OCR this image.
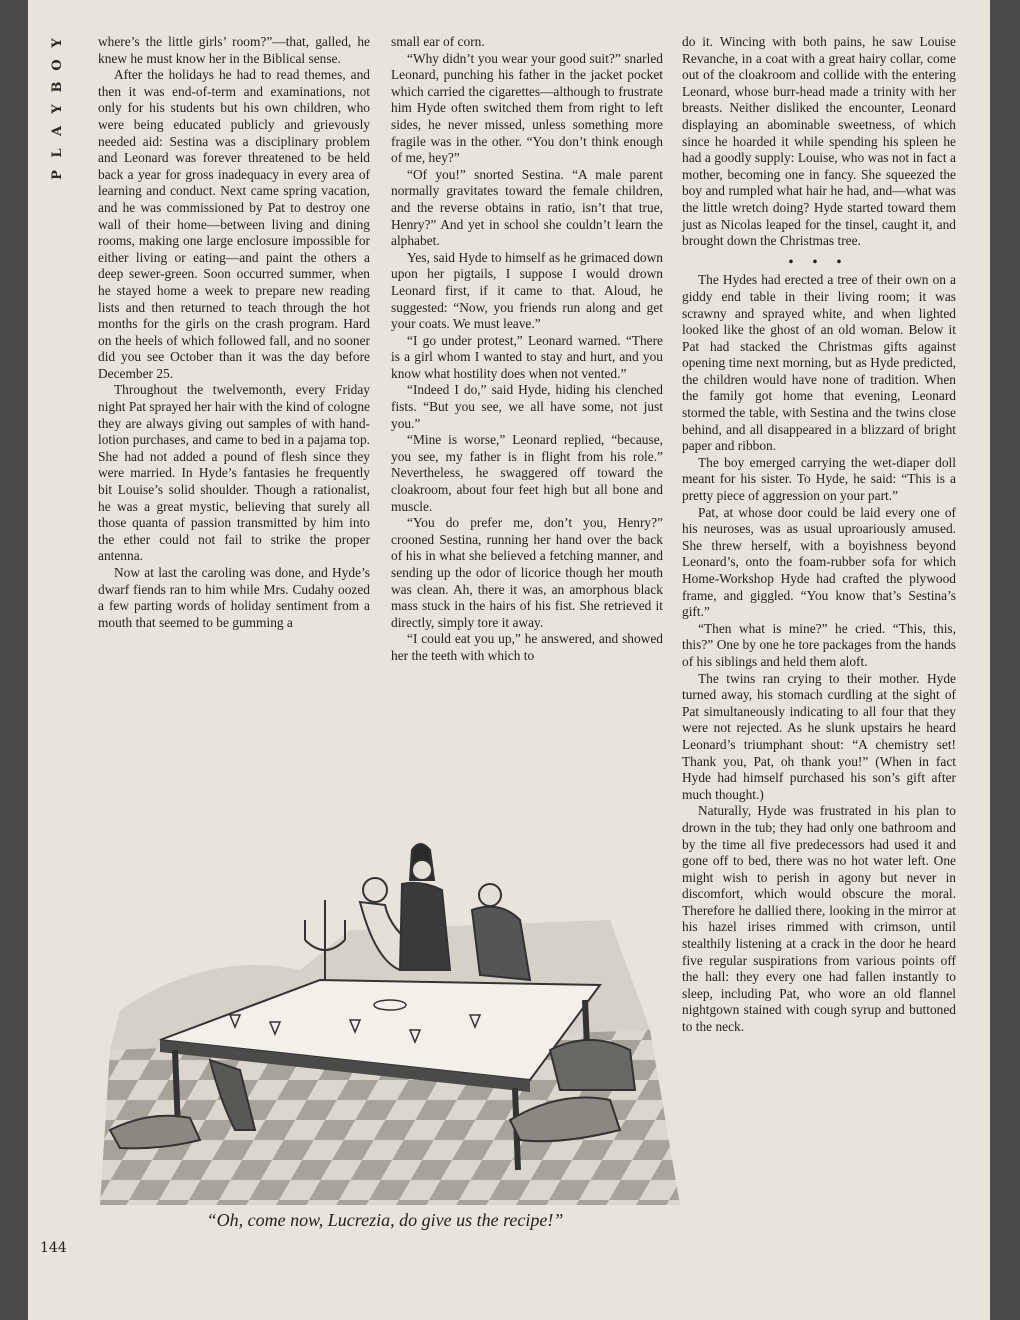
Y
O
B
Y
A
L
P

where’s the little girls’ room?”—that, galled, he knew he must know her in the Biblical sense.

After the holidays he had to read themes, and then it was end-of-term and examinations, not only for his students but his own children, who were being educated publicly and grievously needed aid: Sestina was a disciplinary problem and Leonard was forever threatened to be held back a year for gross inadequacy in every area of learning and conduct. Next came spring vacation, and he was commissioned by Pat to destroy one wall of their home—between living and dining rooms, making one large enclosure impossible for either living or eating—and paint the others a deep sewer-green. Soon occurred summer, when he stayed home a week to prepare new reading lists and then returned to teach through the hot months for the girls on the crash program. Hard on the heels of which followed fall, and no sooner did you see October than it was the day before December 25.

Throughout the twelvemonth, every Friday night Pat sprayed her hair with the kind of cologne they are always giving out samples of with hand-lotion purchases, and came to bed in a pajama top. She had not added a pound of flesh since they were married. In Hyde’s fantasies he frequently bit Louise’s solid shoulder. Though a rationalist, he was a great mystic, believing that surely all those quanta of passion transmitted by him into the ether could not fail to strike the proper antenna.

Now at last the caroling was done, and Hyde’s dwarf fiends ran to him while Mrs. Cudahy oozed a few parting words of holiday sentiment from a mouth that seemed to be gumming a

small ear of corn.

“Why didn’t you wear your good suit?” snarled Leonard, punching his father in the jacket pocket which carried the cigarettes—although to frustrate him Hyde often switched them from right to left sides, he never missed, unless something more fragile was in the other. “You don’t think enough of me, hey?”

“Of you!” snorted Sestina. “A male parent normally gravitates toward the female children, and the reverse obtains in ratio, isn’t that true, Henry?” And yet in school she couldn’t learn the alphabet.

Yes, said Hyde to himself as he grimaced down upon her pigtails, I suppose I would drown Leonard first, if it came to that. Aloud, he suggested: “Now, you friends run along and get your coats. We must leave.”

“I go under protest,” Leonard warned. “There is a girl whom I wanted to stay and hurt, and you know what hostility does when not vented.”

“Indeed I do,” said Hyde, hiding his clenched fists. “But you see, we all have some, not just you.”

“Mine is worse,” Leonard replied, “because, you see, my father is in flight from his role.” Nevertheless, he swaggered off toward the cloakroom, about four feet high but all bone and muscle.

“You do prefer me, don’t you, Henry?” crooned Sestina, running her hand over the back of his in what she believed a fetching manner, and sending up the odor of licorice though her mouth was clean. Ah, there it was, an amorphous black mass stuck in the hairs of his fist. She retrieved it directly, simply tore it away.

“I could eat you up,” he answered, and showed her the teeth with which to

do it. Wincing with both pains, he saw Louise Revanche, in a coat with a great hairy collar, come out of the cloakroom and collide with the entering Leonard, whose burr-head made a trinity with her breasts. Neither disliked the encounter, Leonard displaying an abominable sweetness, of which since he hoarded it while spending his spleen he had a goodly supply: Louise, who was not in fact a mother, becoming one in fancy. She squeezed the boy and rumpled what hair he had, and—what was the little wretch doing? Hyde started toward them just as Nicolas leaped for the tinsel, caught it, and brought down the Christmas tree.

• • •

The Hydes had erected a tree of their own on a giddy end table in their living room; it was scrawny and sprayed white, and when lighted looked like the ghost of an old woman. Below it Pat had stacked the Christmas gifts against opening time next morning, but as Hyde predicted, the children would have none of tradition. When the family got home that evening, Leonard stormed the table, with Sestina and the twins close behind, and all disappeared in a blizzard of bright paper and ribbon.

The boy emerged carrying the wet-diaper doll meant for his sister. To Hyde, he said: “This is a pretty piece of aggression on your part.”

Pat, at whose door could be laid every one of his neuroses, was as usual uproariously amused. She threw herself, with a boyishness beyond Leonard’s, onto the foam-rubber sofa for which Home-Workshop Hyde had crafted the plywood frame, and giggled. “You know that’s Sestina’s gift.”

“Then what is mine?” he cried. “This, this, this?” One by one he tore packages from the hands of his siblings and held them aloft.

The twins ran crying to their mother. Hyde turned away, his stomach curdling at the sight of Pat simultaneously indicating to all four that they were not rejected. As he slunk upstairs he heard Leonard’s triumphant shout: “A chemistry set! Thank you, Pat, oh thank you!” (When in fact Hyde had himself purchased his son’s gift after much thought.)

Naturally, Hyde was frustrated in his plan to drown in the tub; they had only one bathroom and by the time all five predecessors had used it and gone off to bed, there was no hot water left. One might wish to perish in agony but never in discomfort, which would obscure the moral. Therefore he dallied there, looking in the mirror at his hazel irises rimmed with crimson, until stealthily listening at a crack in the door he heard five regular suspirations from various points off the hall: they every one had fallen instantly to sleep, including Pat, who wore an old flannel nightgown stained with cough syrup and buttoned to the neck.

“Oh, come now, Lucrezia, do give us the recipe!”
144
